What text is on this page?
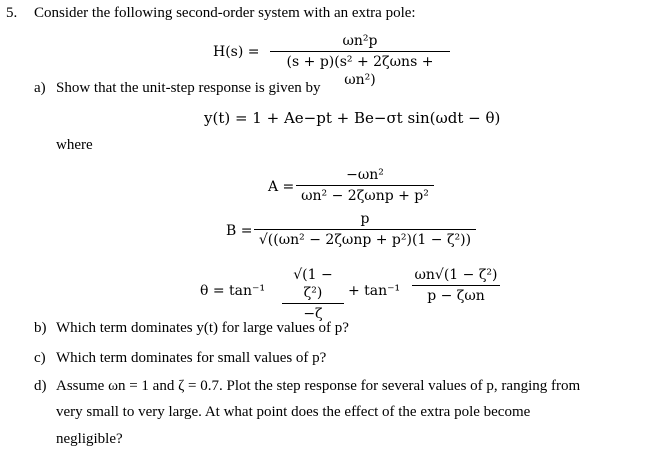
5. Consider the following second-order system with an extra pole:
H(s) =
ωn²p
(s + p)(s² + 2ζωns + ωn²)
a) Show that the unit-step response is given by
y(t) = 1 + Ae−pt + Be−σt sin(ωdt − θ)
where
A =
−ωn²
ωn² − 2ζωnp + p²
B =
p
√((ωn² − 2ζωnp + p²)(1 − ζ²))
θ = tan⁻¹
√(1 − ζ²)
−ζ
+ tan⁻¹
ωn√(1 − ζ²)
p − ζωn
b) Which term dominates y(t) for large values of p?
c) Which term dominates for small values of p?
d) Assume ωn = 1 and ζ = 0.7. Plot the step response for several values of p, ranging from
very small to very large. At what point does the effect of the extra pole become
negligible?
